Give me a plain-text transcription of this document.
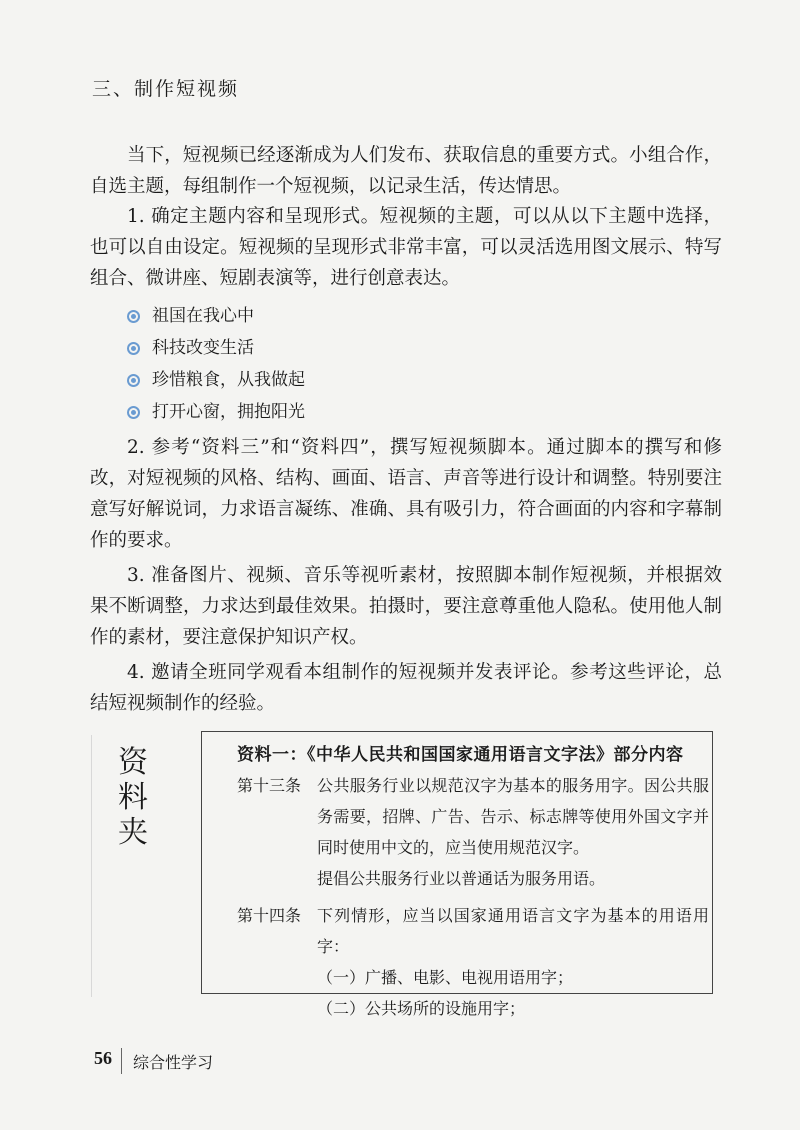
三、制作短视频

当下，短视频已经逐渐成为人们发布、获取信息的重要方式。小组合作，自选主题，每组制作一个短视频，以记录生活，传达情思。

1. 确定主题内容和呈现形式。短视频的主题，可以从以下主题中选择，也可以自由设定。短视频的呈现形式非常丰富，可以灵活选用图文展示、特写组合、微讲座、短剧表演等，进行创意表达。

祖国在我心中
科技改变生活
珍惜粮食，从我做起
打开心窗，拥抱阳光

2. 参考“资料三”和“资料四”，撰写短视频脚本。通过脚本的撰写和修改，对短视频的风格、结构、画面、语言、声音等进行设计和调整。特别要注意写好解说词，力求语言凝练、准确、具有吸引力，符合画面的内容和字幕制作的要求。

3. 准备图片、视频、音乐等视听素材，按照脚本制作短视频，并根据效果不断调整，力求达到最佳效果。拍摄时，要注意尊重他人隐私。使用他人制作的素材，要注意保护知识产权。

4. 邀请全班同学观看本组制作的短视频并发表评论。参考这些评论，总结短视频制作的经验。

资料夹
资料一：《中华人民共和国国家通用语言文字法》部分内容
第十三条 公共服务行业以规范汉字为基本的服务用字。因公共服务需要，招牌、广告、告示、标志牌等使用外国文字并同时使用中文的，应当使用规范汉字。
提倡公共服务行业以普通话为服务用语。
第十四条 下列情形，应当以国家通用语言文字为基本的用语用字：
（一）广播、电影、电视用语用字；
（二）公共场所的设施用字；
56 综合性学习
